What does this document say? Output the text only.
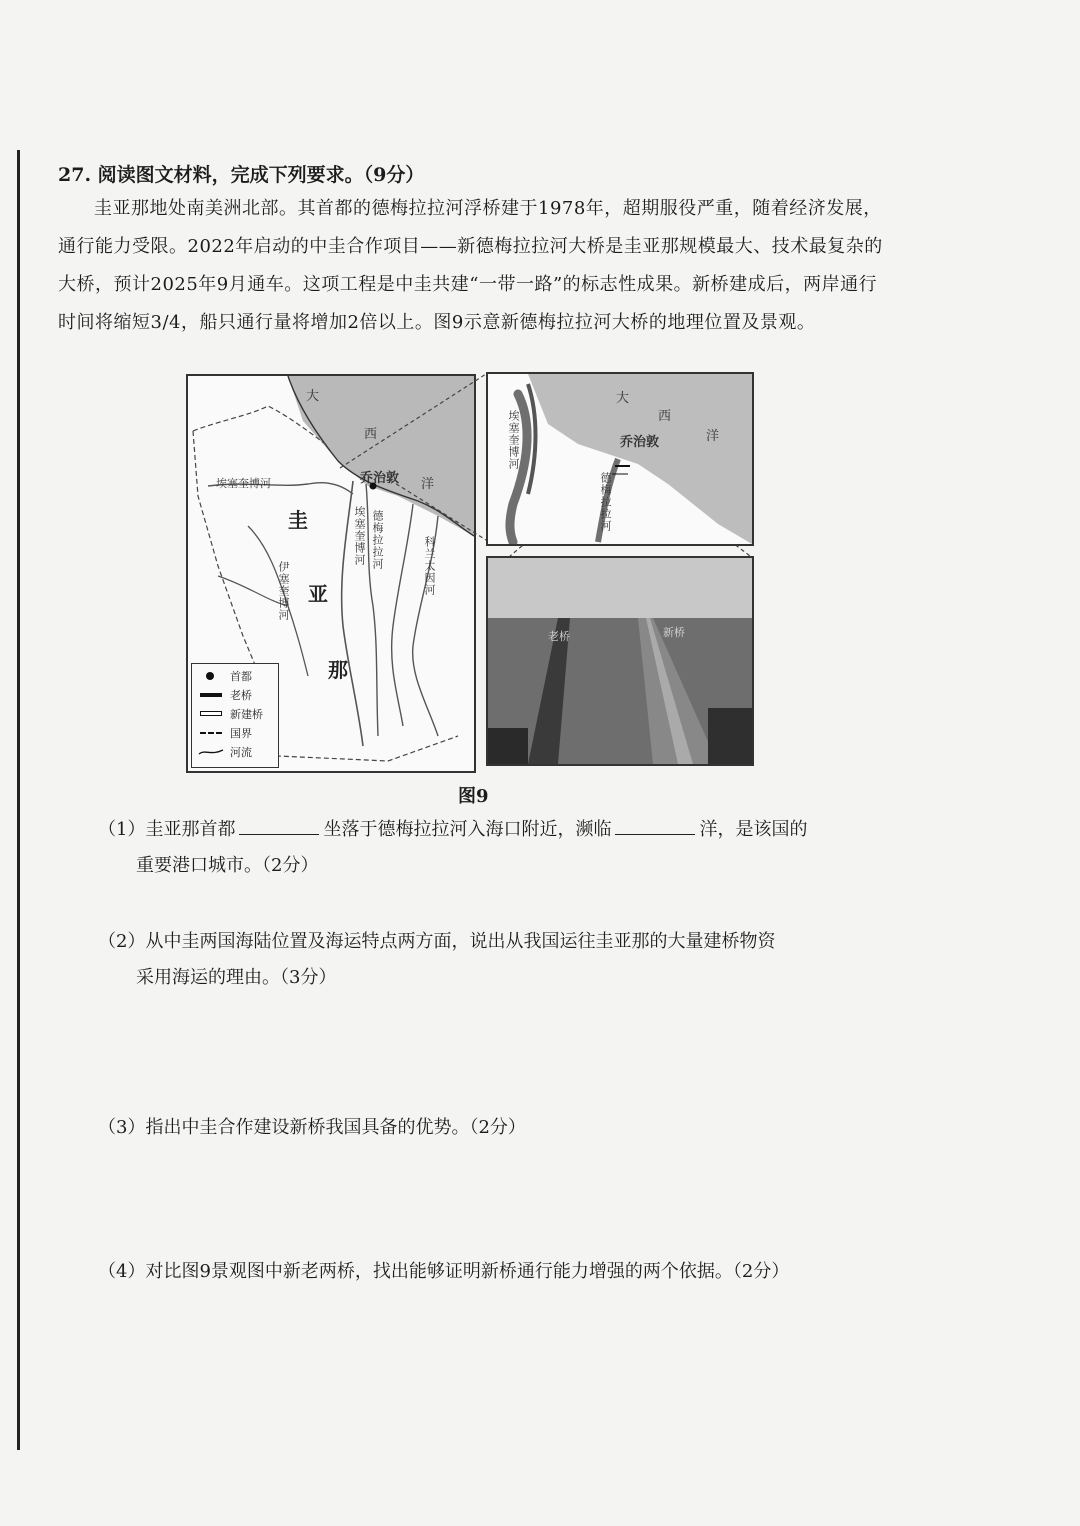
27. 阅读图文材料，完成下列要求。（9分）
圭亚那地处南美洲北部。其首都的德梅拉拉河浮桥建于1978年，超期服役严重，随着经济发展，通行能力受限。2022年启动的中圭合作项目——新德梅拉拉河大桥是圭亚那规模最大、技术最复杂的大桥，预计2025年9月通车。这项工程是中圭共建“一带一路”的标志性成果。新桥建成后，两岸通行时间将缩短3/4，船只通行量将增加2倍以上。图9示意新德梅拉拉河大桥的地理位置及景观。
大
西
洋
乔治敦
圭
亚
那
埃塞奎博河
埃塞奎博河 德梅拉拉河	科兰太因河
伊塞奎博河
首都
老桥
新建桥
国界
河流
大
西
洋
乔治敦
埃塞奎博河
德梅拉拉河
老桥	新桥
图9
（1）圭亚那首都	坐落于德梅拉拉河入海口附近，濒临	洋，是该国的
重要港口城市。（2分）
（2）从中圭两国海陆位置及海运特点两方面，说出从我国运往圭亚那的大量建桥物资
采用海运的理由。（3分）
（3）指出中圭合作建设新桥我国具备的优势。（2分）
（4）对比图9景观图中新老两桥，找出能够证明新桥通行能力增强的两个依据。（2分）
